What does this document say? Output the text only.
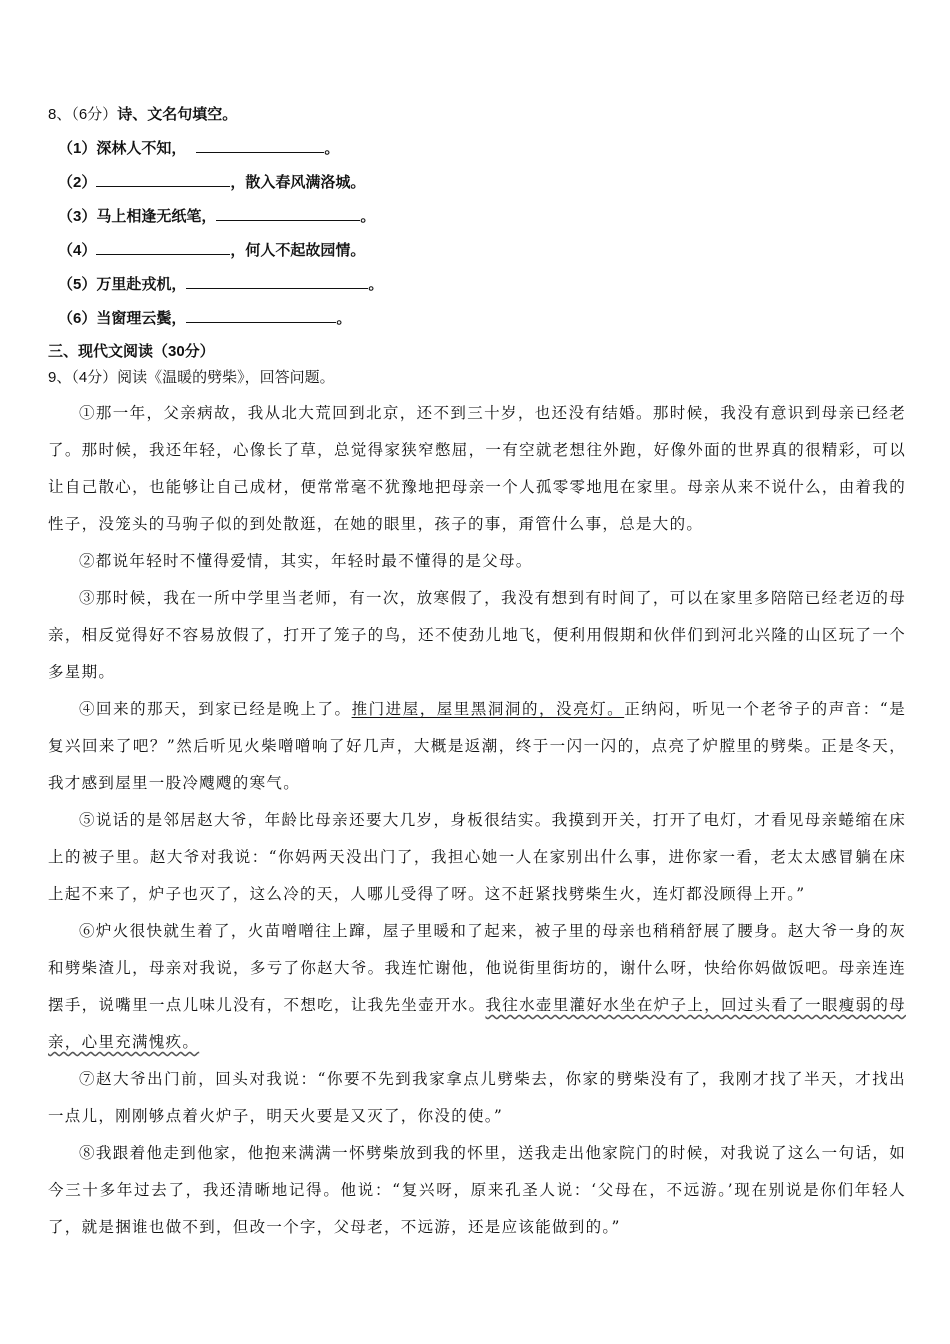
8、（6分）诗、文名句填空。
（1）深林人不知，	。
（2）	，散入春风满洛城。
（3）马上相逢无纸笔，	。
（4）	，何人不起故园情。
（5）万里赴戎机，	。
（6）当窗理云鬓，	。
三、现代文阅读（30分）
9、（4分）阅读《温暖的劈柴》，回答问题。

①那一年，父亲病故，我从北大荒回到北京，还不到三十岁，也还没有结婚。那时候，我没有意识到母亲已经老了。那时候，我还年轻，心像长了草，总觉得家狭窄憋屈，一有空就老想往外跑，好像外面的世界真的很精彩，可以让自己散心，也能够让自己成材，便常常毫不犹豫地把母亲一个人孤零零地甩在家里。母亲从来不说什么，由着我的性子，没笼头的马驹子似的到处散逛，在她的眼里，孩子的事，甭管什么事，总是大的。

②都说年轻时不懂得爱情，其实，年轻时最不懂得的是父母。

③那时候，我在一所中学里当老师，有一次，放寒假了，我没有想到有时间了，可以在家里多陪陪已经老迈的母亲，相反觉得好不容易放假了，打开了笼子的鸟，还不使劲儿地飞，便利用假期和伙伴们到河北兴隆的山区玩了一个多星期。

④回来的那天，到家已经是晚上了。推门进屋，屋里黑洞洞的，没亮灯。正纳闷，听见一个老爷子的声音：“是复兴回来了吧？”然后听见火柴噌噌响了好几声，大概是返潮，终于一闪一闪的，点亮了炉膛里的劈柴。正是冬天，我才感到屋里一股冷飕飕的寒气。

⑤说话的是邻居赵大爷，年龄比母亲还要大几岁，身板很结实。我摸到开关，打开了电灯，才看见母亲蜷缩在床上的被子里。赵大爷对我说：“你妈两天没出门了，我担心她一人在家别出什么事，进你家一看，老太太感冒躺在床上起不来了，炉子也灭了，这么冷的天，人哪儿受得了呀。这不赶紧找劈柴生火，连灯都没顾得上开。”

⑥炉火很快就生着了，火苗噌噌往上蹿，屋子里暖和了起来，被子里的母亲也稍稍舒展了腰身。赵大爷一身的灰和劈柴渣儿，母亲对我说，多亏了你赵大爷。我连忙谢他，他说街里街坊的，谢什么呀，快给你妈做饭吧。母亲连连摆手，说嘴里一点儿味儿没有，不想吃，让我先坐壶开水。我往水壶里灌好水坐在炉子上，回过头看了一眼瘦弱的母亲，心里充满愧疚。

⑦赵大爷出门前，回头对我说：“你要不先到我家拿点儿劈柴去，你家的劈柴没有了，我刚才找了半天，才找出一点儿，刚刚够点着火炉子，明天火要是又灭了，你没的使。”

⑧我跟着他走到他家，他抱来满满一怀劈柴放到我的怀里，送我走出他家院门的时候，对我说了这么一句话，如今三十多年过去了，我还清晰地记得。他说：“复兴呀，原来孔圣人说：‘父母在，不远游。’现在别说是你们年轻人了，就是捆谁也做不到，但改一个字，父母老，不远游，还是应该能做到的。”
